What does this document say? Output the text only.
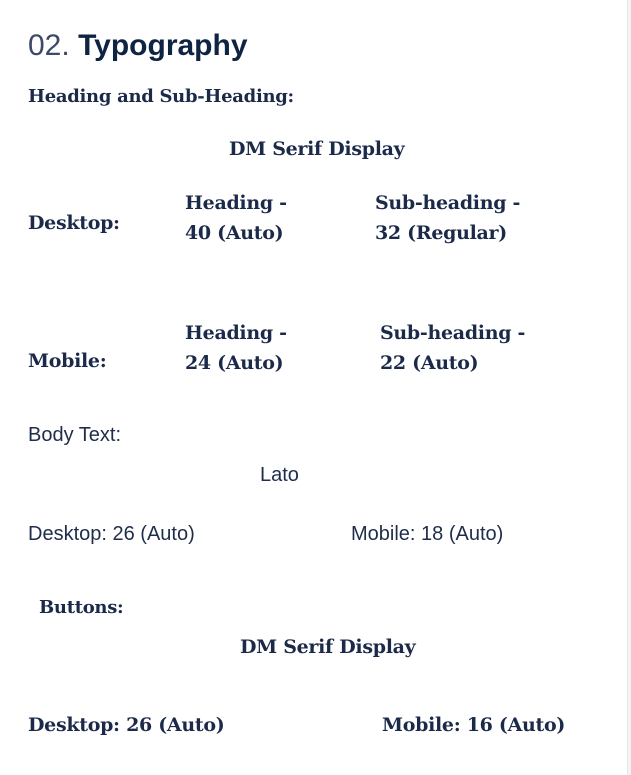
02. Typography
Heading and Sub-Heading:
DM Serif Display
Desktop:
Heading -
40 (Auto)
Sub-heading -
32 (Regular)
Mobile:
Heading -
24 (Auto)
Sub-heading -
22 (Auto)
Body Text:
Lato
Desktop: 26 (Auto)	Mobile: 18 (Auto)
Buttons:
DM Serif Display
Desktop: 26 (Auto)	Mobile: 16 (Auto)
